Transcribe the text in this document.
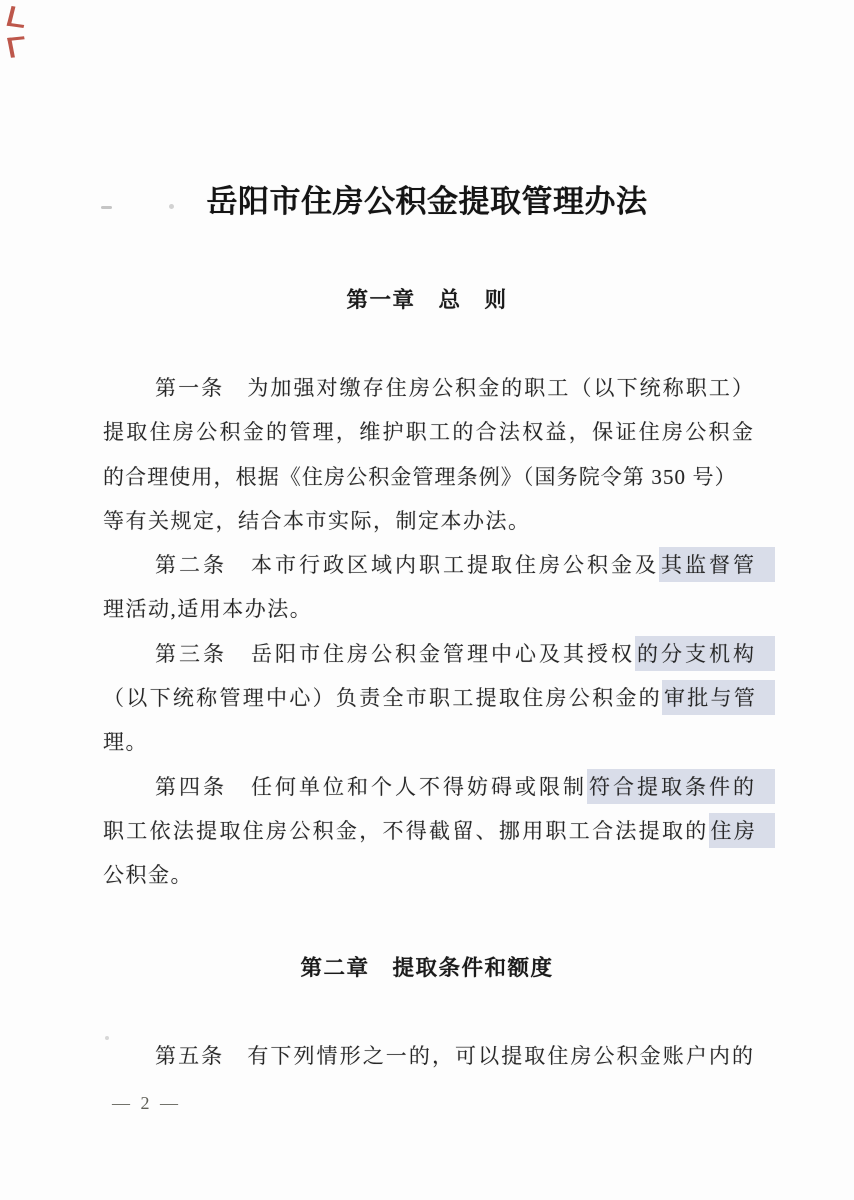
岳阳市住房公积金提取管理办法
第一章　总　则
第一条　为加强对缴存住房公积金的职工（以下统称职工）
提取住房公积金的管理，维护职工的合法权益，保证住房公积金
的合理使用，根据《住房公积金管理条例》（国务院令第 350 号）
等有关规定，结合本市实际，制定本办法。
第二条　本市行政区域内职工提取住房公积金及其监督管
理活动,适用本办法。
第三条　岳阳市住房公积金管理中心及其授权的分支机构
（以下统称管理中心）负责全市职工提取住房公积金的审批与管
理。
第四条　任何单位和个人不得妨碍或限制符合提取条件的
职工依法提取住房公积金，不得截留、挪用职工合法提取的住房
公积金。
第二章　提取条件和额度
第五条　有下列情形之一的，可以提取住房公积金账户内的
— 2 —
